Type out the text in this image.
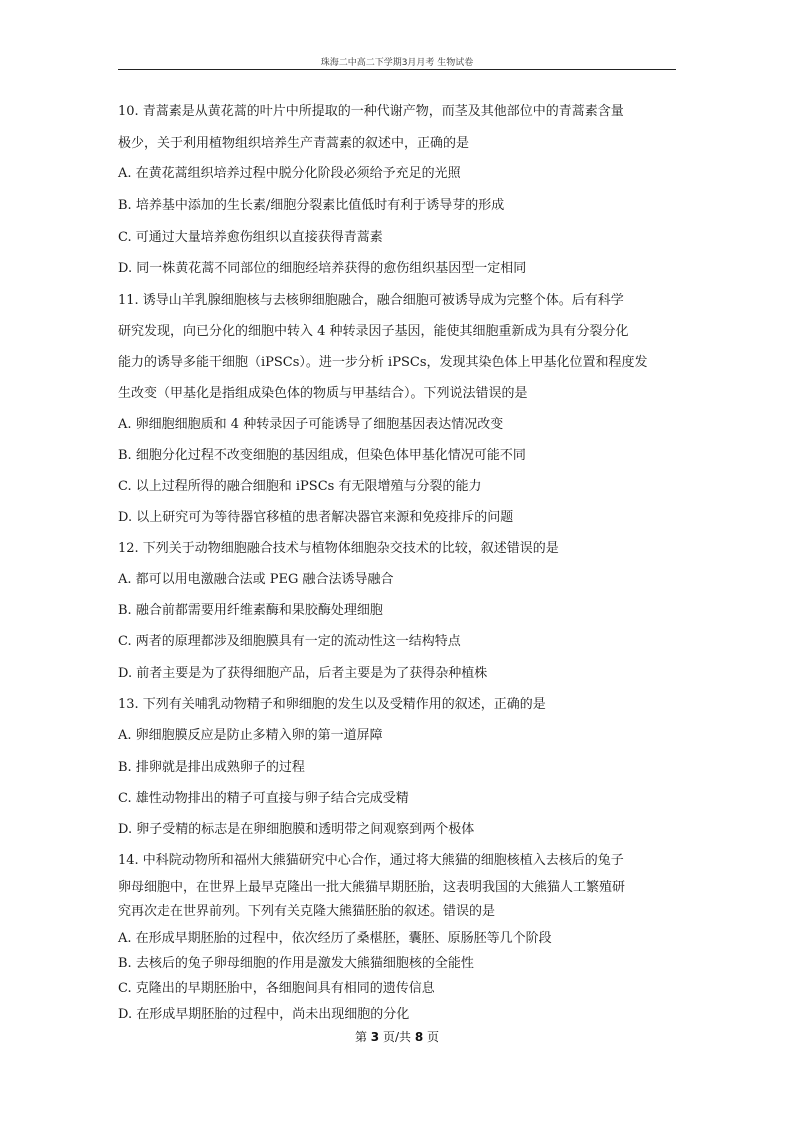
珠海二中高二下学期3月月考 生物试卷
10. 青蒿素是从黄花蒿的叶片中所提取的一种代谢产物，而茎及其他部位中的青蒿素含量
极少，关于利用植物组织培养生产青蒿素的叙述中，正确的是
A. 在黄花蒿组织培养过程中脱分化阶段必须给予充足的光照
B. 培养基中添加的生长素/细胞分裂素比值低时有利于诱导芽的形成
C. 可通过大量培养愈伤组织以直接获得青蒿素
D. 同一株黄花蒿不同部位的细胞经培养获得的愈伤组织基因型一定相同
11. 诱导山羊乳腺细胞核与去核卵细胞融合，融合细胞可被诱导成为完整个体。后有科学
研究发现，向已分化的细胞中转入 4 种转录因子基因，能使其细胞重新成为具有分裂分化
能力的诱导多能干细胞（iPSCs）。进一步分析 iPSCs，发现其染色体上甲基化位置和程度发
生改变（甲基化是指组成染色体的物质与甲基结合）。下列说法错误的是
A. 卵细胞细胞质和 4 种转录因子可能诱导了细胞基因表达情况改变
B. 细胞分化过程不改变细胞的基因组成，但染色体甲基化情况可能不同
C. 以上过程所得的融合细胞和 iPSCs 有无限增殖与分裂的能力
D. 以上研究可为等待器官移植的患者解决器官来源和免疫排斥的问题
12. 下列关于动物细胞融合技术与植物体细胞杂交技术的比较，叙述错误的是
A. 都可以用电激融合法或 PEG 融合法诱导融合
B. 融合前都需要用纤维素酶和果胶酶处理细胞
C. 两者的原理都涉及细胞膜具有一定的流动性这一结构特点
D. 前者主要是为了获得细胞产品，后者主要是为了获得杂种植株
13. 下列有关哺乳动物精子和卵细胞的发生以及受精作用的叙述，正确的是
A. 卵细胞膜反应是防止多精入卵的第一道屏障
B. 排卵就是排出成熟卵子的过程
C. 雄性动物排出的精子可直接与卵子结合完成受精
D. 卵子受精的标志是在卵细胞膜和透明带之间观察到两个极体
14. 中科院动物所和福州大熊猫研究中心合作，通过将大熊猫的细胞核植入去核后的兔子
卵母细胞中，在世界上最早克隆出一批大熊猫早期胚胎，这表明我国的大熊猫人工繁殖研
究再次走在世界前列。下列有关克隆大熊猫胚胎的叙述。错误的是
A. 在形成早期胚胎的过程中，依次经历了桑椹胚，囊胚、原肠胚等几个阶段
B. 去核后的兔子卵母细胞的作用是激发大熊猫细胞核的全能性
C. 克隆出的早期胚胎中，各细胞间具有相同的遗传信息
D. 在形成早期胚胎的过程中，尚未出现细胞的分化
第 3 页/共 8 页
